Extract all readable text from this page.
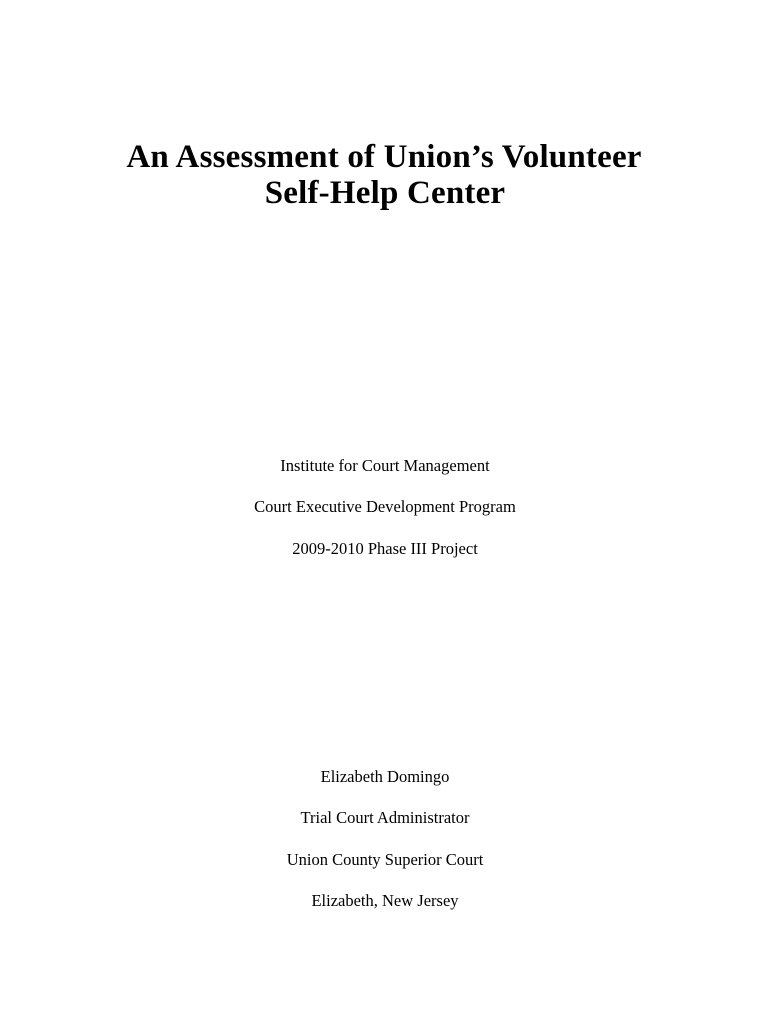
An Assessment of Union’s Volunteer
Self-Help Center
Institute for Court Management
Court Executive Development Program
2009-2010 Phase III Project
Elizabeth Domingo
Trial Court Administrator
Union County Superior Court
Elizabeth, New Jersey
